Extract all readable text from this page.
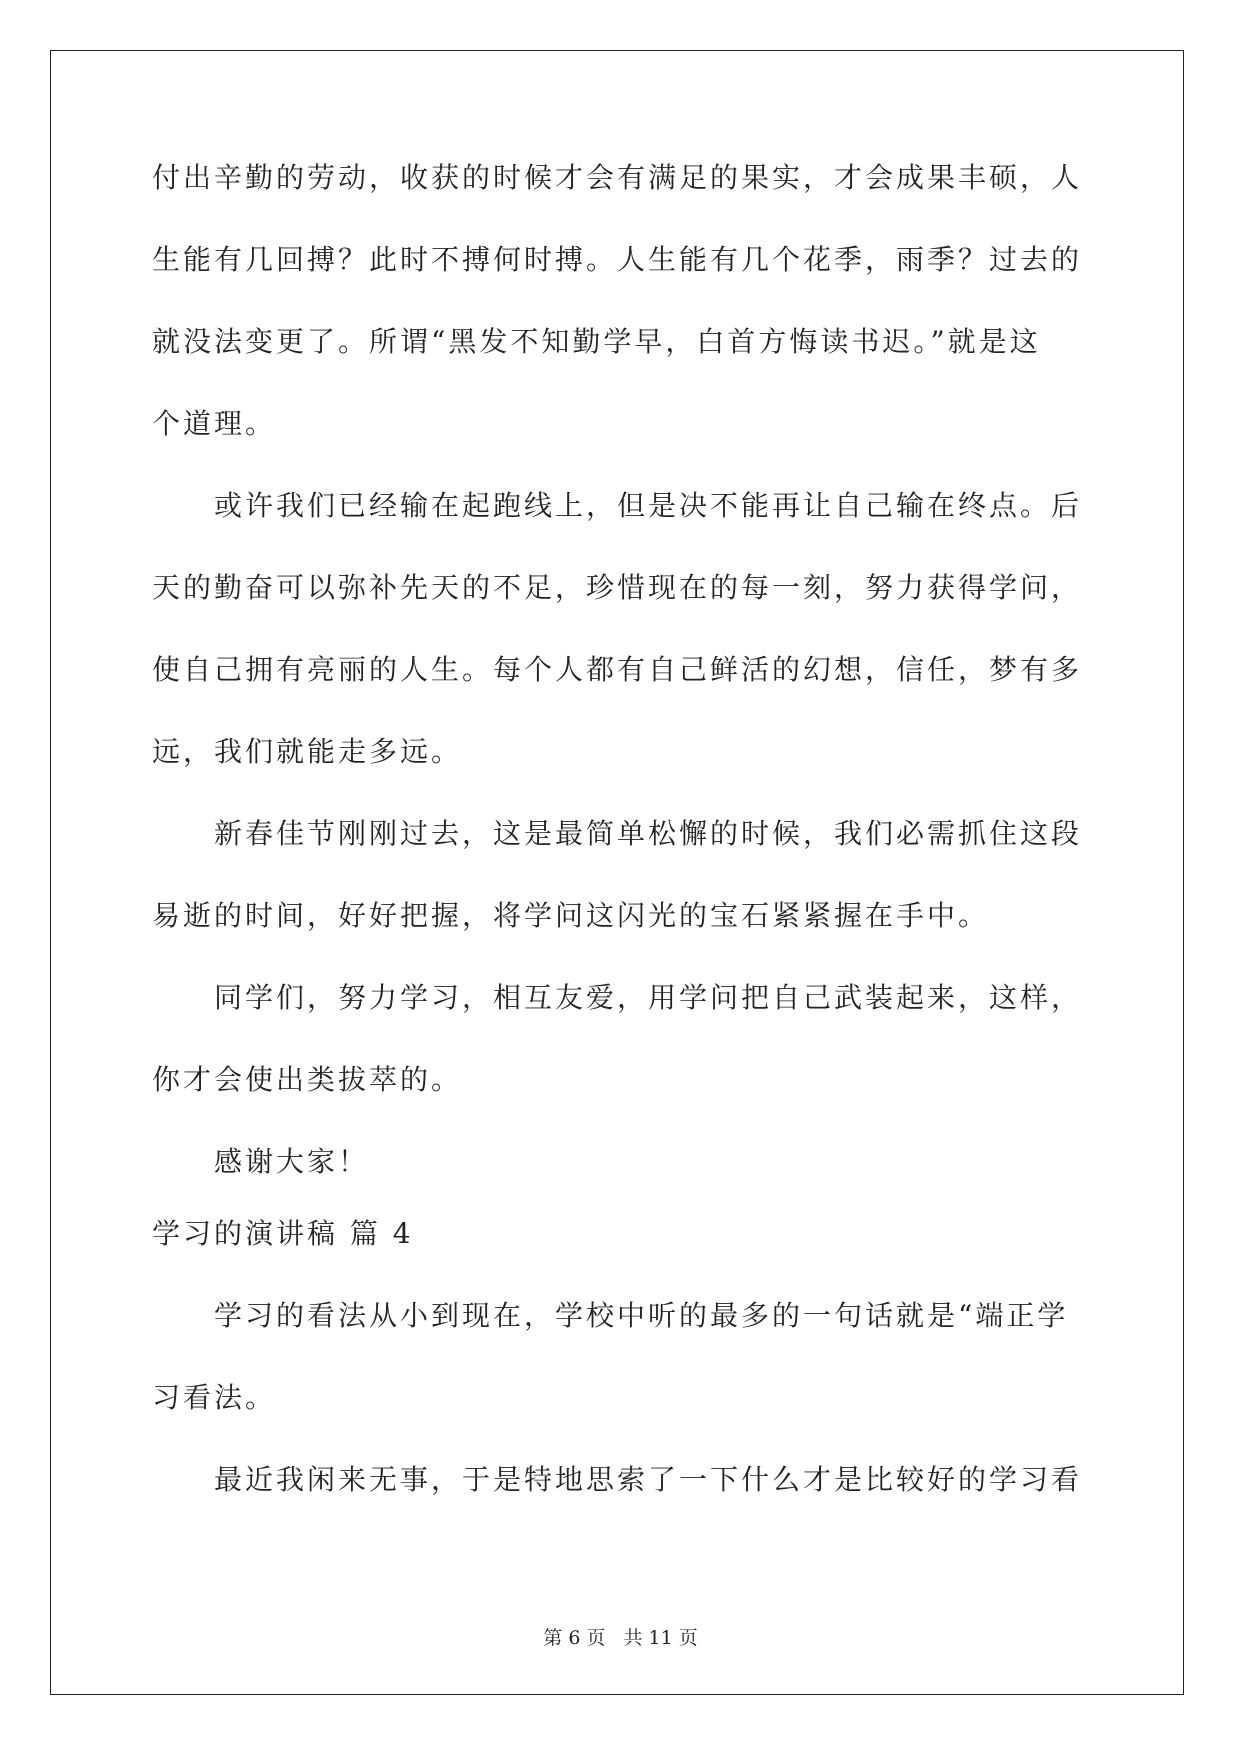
付出辛勤的劳动，收获的时候才会有满足的果实，才会成果丰硕，人
生能有几回搏？此时不搏何时搏。人生能有几个花季，雨季？过去的
就没法变更了。所谓“黑发不知勤学早，白首方悔读书迟。”就是这
个道理。
或许我们已经输在起跑线上，但是决不能再让自己输在终点。后
天的勤奋可以弥补先天的不足，珍惜现在的每一刻，努力获得学问，
使自己拥有亮丽的人生。每个人都有自己鲜活的幻想，信任，梦有多
远，我们就能走多远。
新春佳节刚刚过去，这是最简单松懈的时候，我们必需抓住这段
易逝的时间，好好把握，将学问这闪光的宝石紧紧握在手中。
同学们，努力学习，相互友爱，用学问把自己武装起来，这样，
你才会使出类拔萃的。
感谢大家！
学习的演讲稿 篇 4
学习的看法从小到现在，学校中听的最多的一句话就是“端正学
习看法。
最近我闲来无事，于是特地思索了一下什么才是比较好的学习看
第 6 页 共 11 页
